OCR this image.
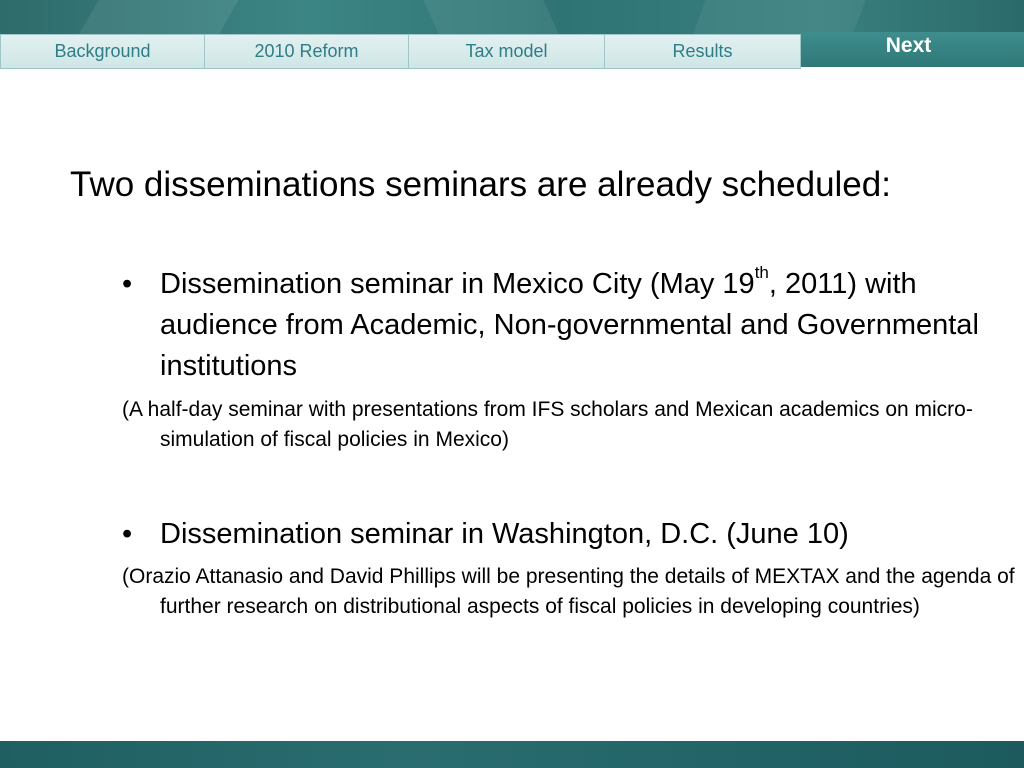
Background	2010 Reform	Tax model	Results	Next
Two disseminations seminars are already scheduled:
• Dissemination seminar in Mexico City (May 19th, 2011) with audience from Academic, Non-governmental and Governmental institutions
(A half-day seminar with presentations from IFS scholars and Mexican academics on micro-simulation of fiscal policies in Mexico)
• Dissemination seminar in Washington, D.C. (June 10)
(Orazio Attanasio and David Phillips will be presenting the details of MEXTAX and the agenda of further research on distributional aspects of fiscal policies in developing countries)
